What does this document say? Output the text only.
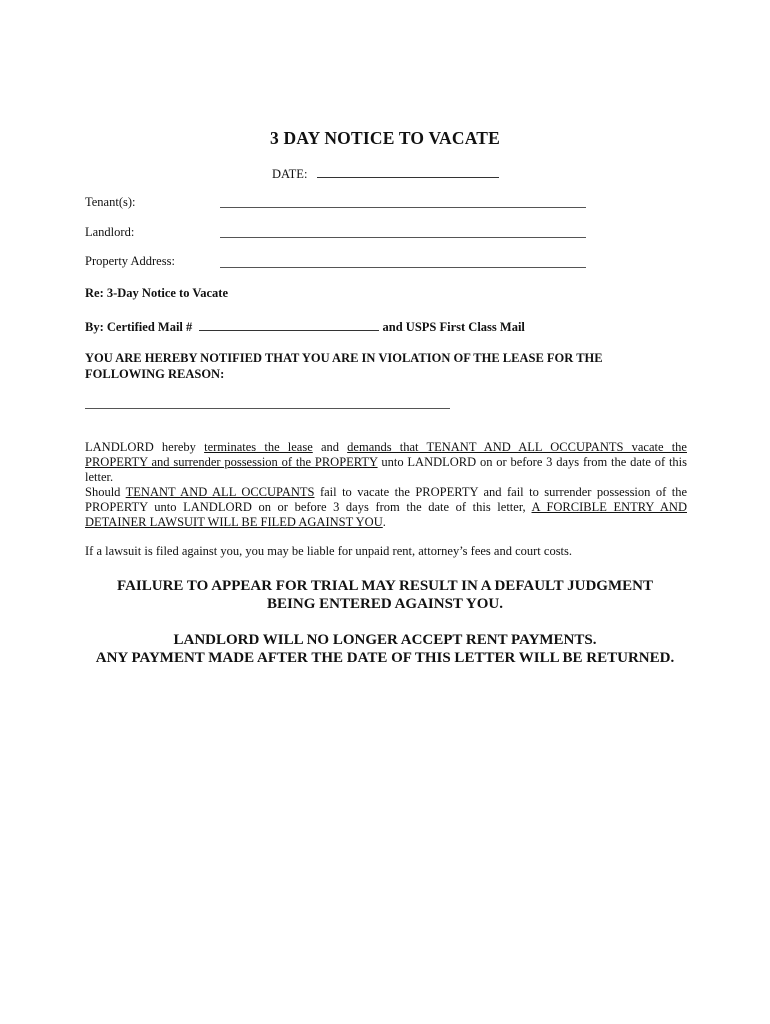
3 DAY NOTICE TO VACATE
DATE:
Tenant(s):
Landlord:
Property Address:
Re: 3-Day Notice to Vacate
By: Certified Mail #	and USPS First Class Mail
YOU ARE HEREBY NOTIFIED THAT YOU ARE IN VIOLATION OF THE LEASE FOR THE FOLLOWING REASON:
LANDLORD hereby terminates the lease and demands that TENANT AND ALL OCCUPANTS vacate the PROPERTY and surrender possession of the PROPERTY unto LANDLORD on or before 3 days from the date of this letter.
Should TENANT AND ALL OCCUPANTS fail to vacate the PROPERTY and fail to surrender possession of the PROPERTY unto LANDLORD on or before 3 days from the date of this letter, A FORCIBLE ENTRY AND DETAINER LAWSUIT WILL BE FILED AGAINST YOU.
If a lawsuit is filed against you, you may be liable for unpaid rent, attorney’s fees and court costs.
FAILURE TO APPEAR FOR TRIAL MAY RESULT IN A DEFAULT JUDGMENT
BEING ENTERED AGAINST YOU.
LANDLORD WILL NO LONGER ACCEPT RENT PAYMENTS.
ANY PAYMENT MADE AFTER THE DATE OF THIS LETTER WILL BE RETURNED.
